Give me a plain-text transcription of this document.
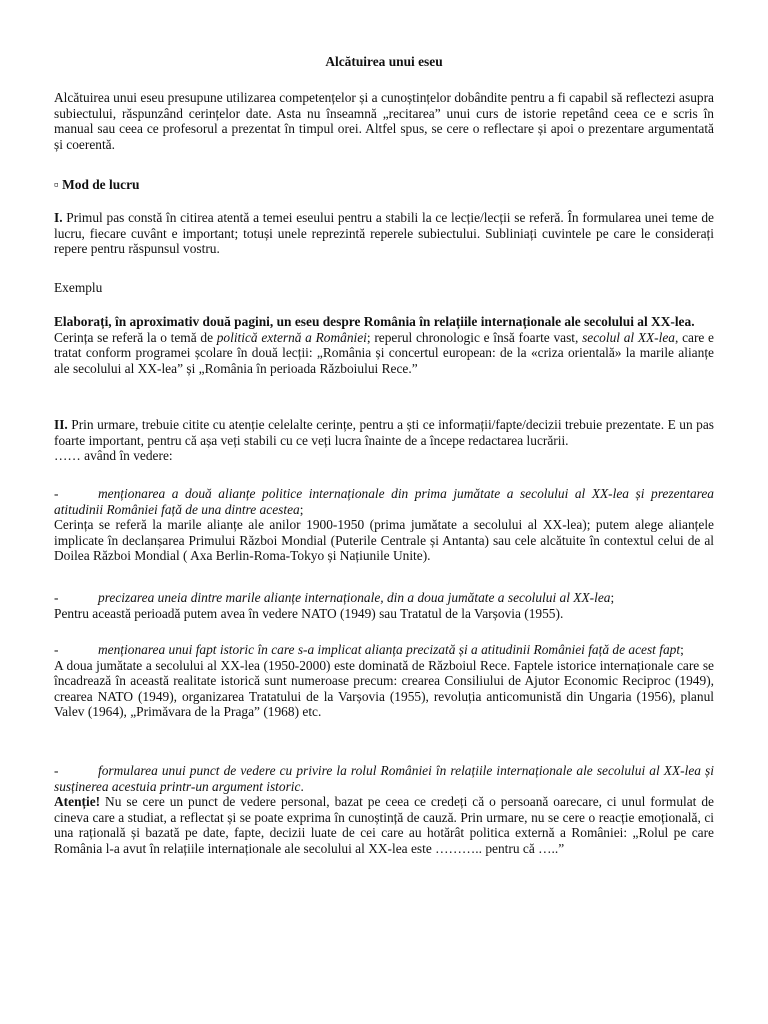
Alcătuirea unui eseu

Alcătuirea unui eseu presupune utilizarea competențelor și a cunoștințelor dobândite pentru a fi capabil să reflectezi asupra subiectului, răspunzând cerințelor date. Asta nu înseamnă „recitarea” unui curs de istorie repetând ceea ce e scris în manual sau ceea ce profesorul a prezentat în timpul orei. Altfel spus, se cere o reflectare și apoi o prezentare argumentată și coerentă.

▫ Mod de lucru

I. Primul pas constă în citirea atentă a temei eseului pentru a stabili la ce lecție/lecții se referă. În formularea unei teme de lucru, fiecare cuvânt e important; totuși unele reprezintă reperele subiectului. Subliniați cuvintele pe care le considerați repere pentru răspunsul vostru.

Exemplu

Elaborați, în aproximativ două pagini, un eseu despre România în relațiile internaționale ale secolului al XX-lea.
Cerința se referă la o temă de politică externă a României; reperul chronologic e însă foarte vast, secolul al XX-lea, care e tratat conform programei școlare în două lecții: „România și concertul european: de la «criza orientală» la marile alianțe ale secolului al XX-lea” și „România în perioada Războiului Rece.”

II. Prin urmare, trebuie citite cu atenție celelalte cerințe, pentru a ști ce informații/fapte/decizii trebuie prezentate. E un pas foarte important, pentru că așa veți stabili cu ce veți lucra înainte de a începe redactarea lucrării.
…… având în vedere:

-	menționarea a două alianțe politice internaționale din prima jumătate a secolului al XX-lea și prezentarea atitudinii României față de una dintre acestea;
Cerința se referă la marile alianțe ale anilor 1900-1950 (prima jumătate a secolului al XX-lea); putem alege alianțele implicate în declanșarea Primului Război Mondial (Puterile Centrale și Antanta) sau cele alcătuite în contextul celui de al Doilea Război Mondial ( Axa Berlin-Roma-Tokyo și Națiunile Unite).

-	precizarea uneia dintre marile alianțe internaționale, din a doua jumătate a secolului al XX-lea;
Pentru această perioadă putem avea în vedere NATO (1949) sau Tratatul de la Varșovia (1955).

-	menționarea unui fapt istoric în care s-a implicat alianța precizată și a atitudinii României față de acest fapt;
A doua jumătate a secolului al XX-lea (1950-2000) este dominată de Războiul Rece. Faptele istorice internaționale care se încadrează în această realitate istorică sunt numeroase precum: crearea Consiliului de Ajutor Economic Reciproc (1949), crearea NATO (1949), organizarea Tratatului de la Varșovia (1955), revoluția anticomunistă din Ungaria (1956), planul Valev (1964), „Primăvara de la Praga” (1968) etc.

-	formularea unui punct de vedere cu privire la rolul României în relațiile internaționale ale secolului al XX-lea și susținerea acestuia printr-un argument istoric.
Atenție! Nu se cere un punct de vedere personal, bazat pe ceea ce credeți că o persoană oarecare, ci unul formulat de cineva care a studiat, a reflectat și se poate exprima în cunoștință de cauză. Prin urmare, nu se cere o reacție emoțională, ci una rațională și bazată pe date, fapte, decizii luate de cei care au hotărât politica externă a României: „Rolul pe care România l-a avut în relațiile internaționale ale secolului al XX-lea este ……….. pentru că …..”
